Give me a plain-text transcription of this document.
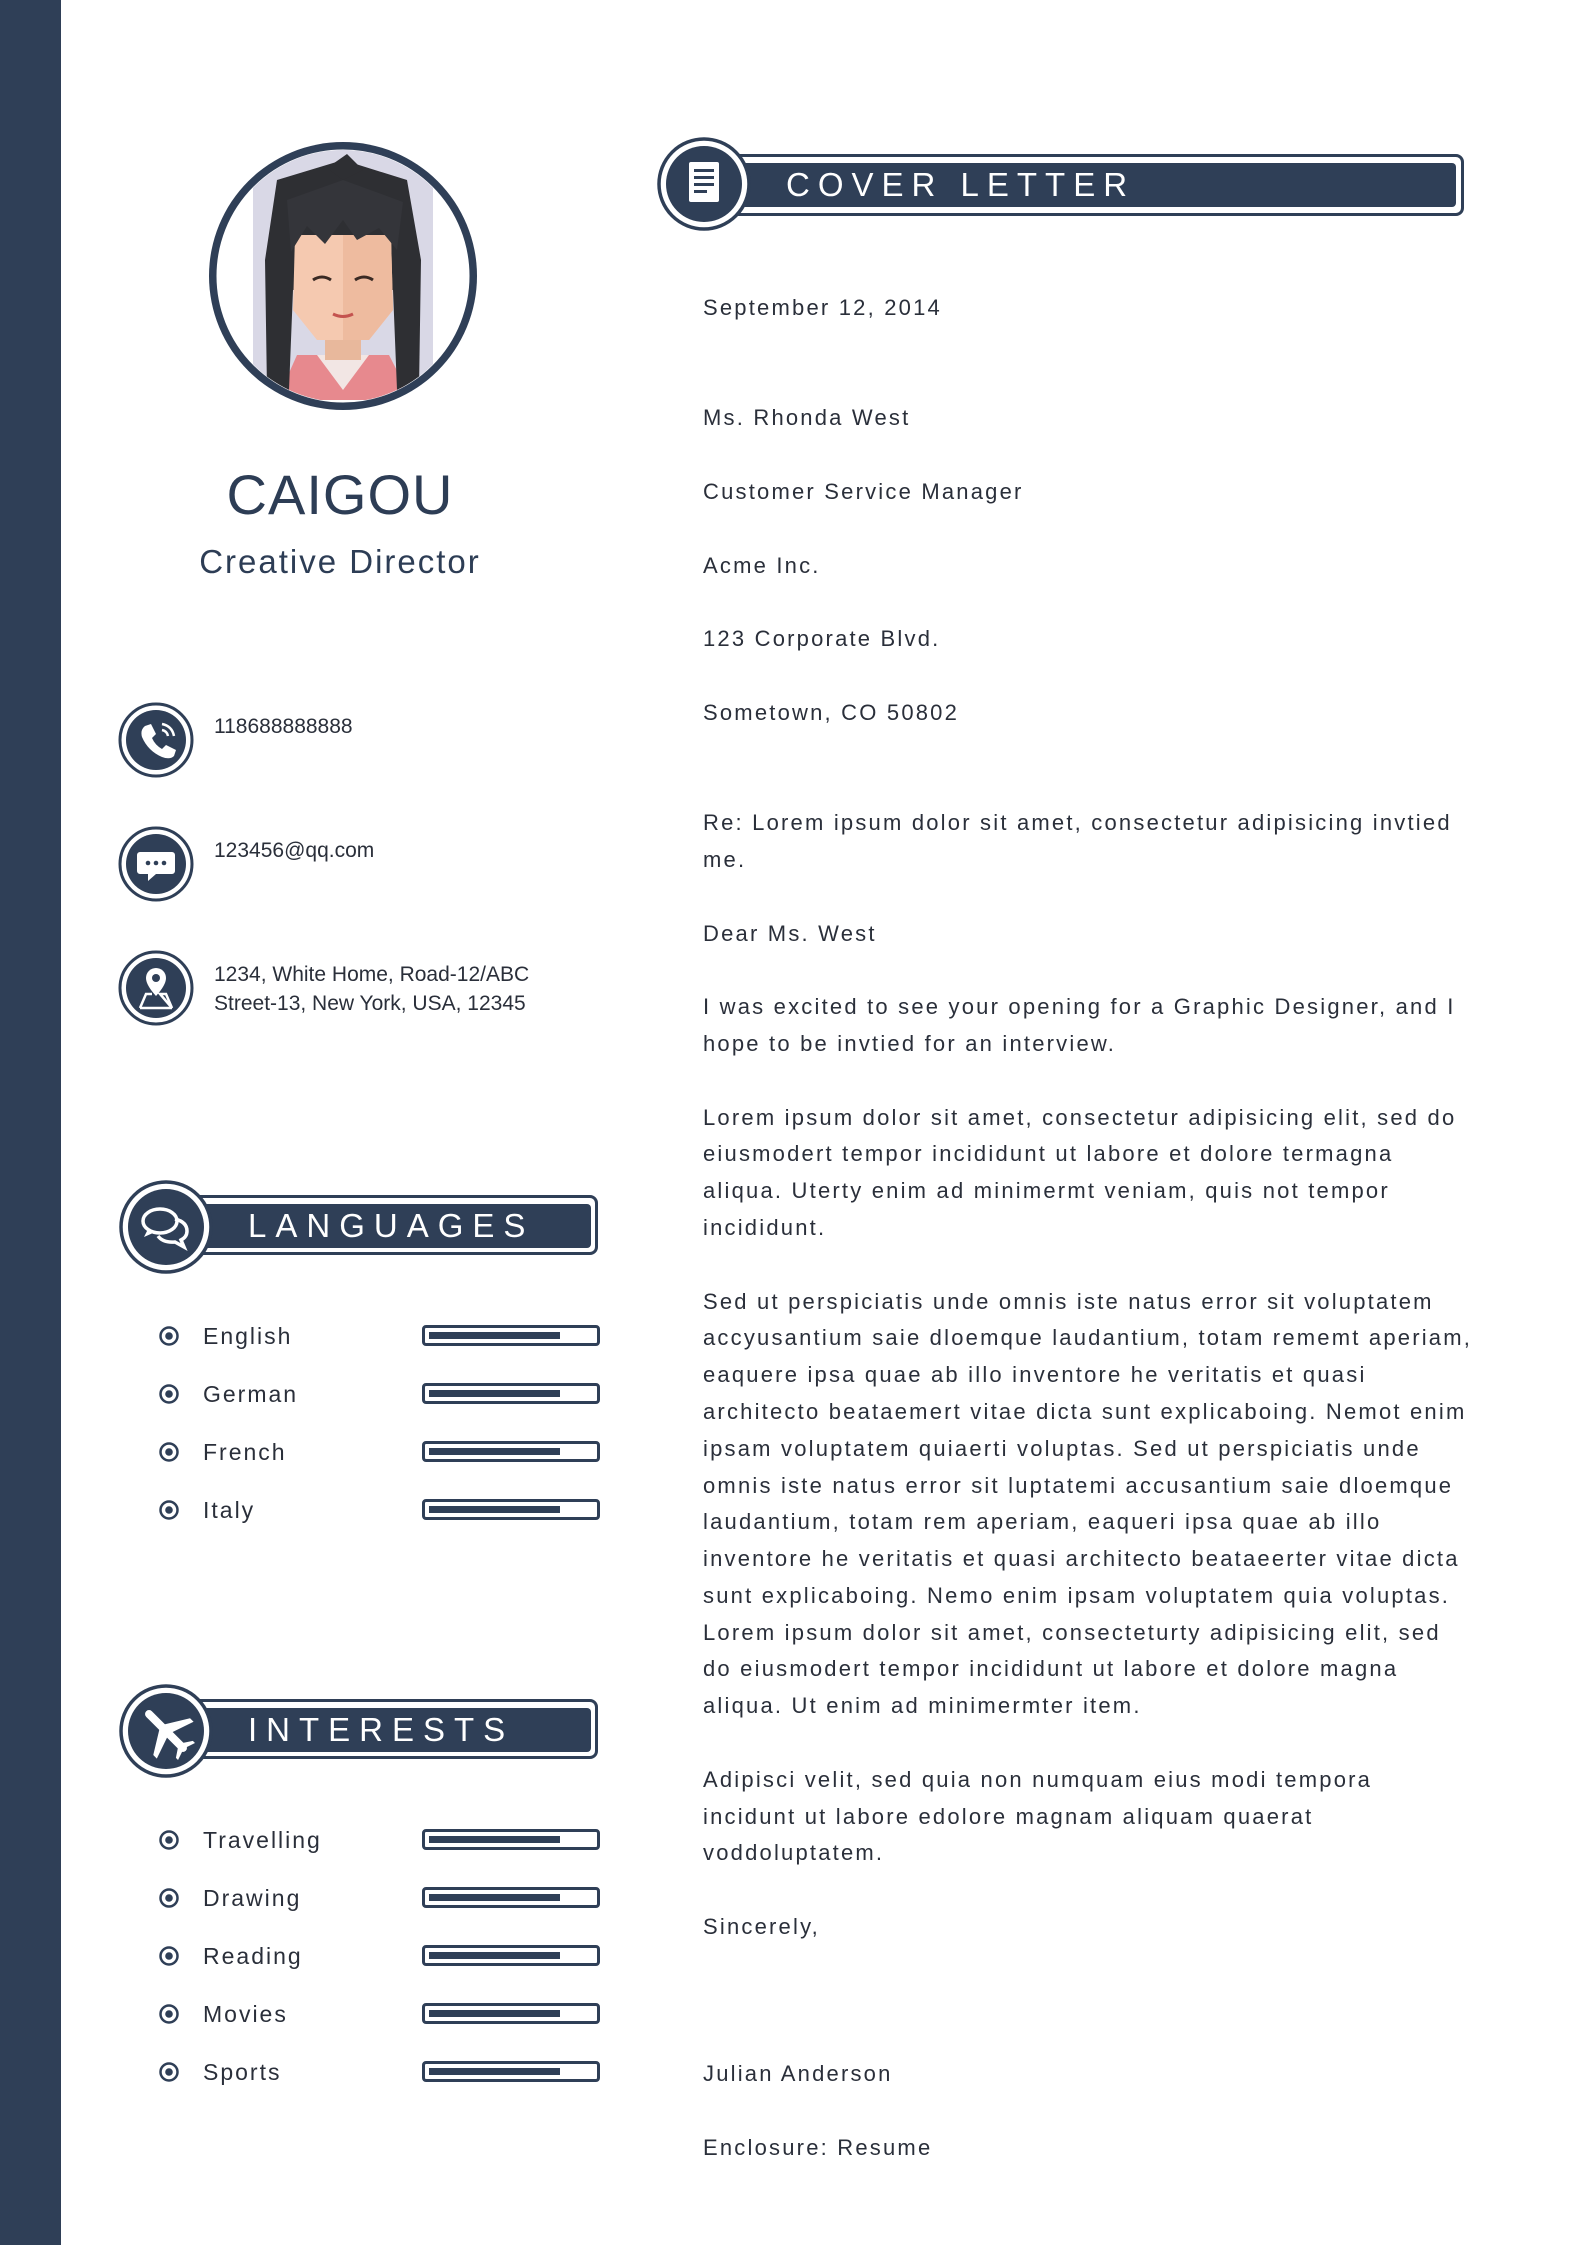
CAIGOU
Creative Director
118688888888
123456@qq.com
1234, White Home, Road-12/ABC
Street-13, New York, USA, 12345
LANGUAGES
English
German
French
Italy
INTERESTS
Travelling
Drawing
Reading
Movies
Sports
COVER LETTER

September 12, 2014

Ms. Rhonda West

Customer Service Manager

Acme Inc.

123 Corporate Blvd.

Sometown, CO 50802

Re: Lorem ipsum dolor sit amet, consectetur adipisicing invtied me.

Dear Ms. West

I was excited to see your opening for a Graphic Designer, and I hope to be invtied for an interview.

Lorem ipsum dolor sit amet, consectetur adipisicing elit, sed do eiusmodert tempor incididunt ut labore et dolore termagna aliqua. Uterty enim ad minimermt veniam, quis not tempor incididunt.

Sed ut perspiciatis unde omnis iste natus error sit voluptatem accyusantium saie dloemque laudantium, totam rememt aperiam, eaquere ipsa quae ab illo inventore he veritatis et quasi architecto beataemert vitae dicta sunt explicaboing. Nemot enim ipsam voluptatem quiaerti voluptas. Sed ut perspiciatis unde omnis iste natus error sit luptatemi accusantium saie dloemque laudantium, totam rem aperiam, eaqueri ipsa quae ab illo inventore he veritatis et quasi architecto beataeerter vitae dicta sunt explicaboing. Nemo enim ipsam voluptatem quia voluptas. Lorem ipsum dolor sit amet, consecteturty adipisicing elit, sed do eiusmodert tempor incididunt ut labore et dolore magna aliqua. Ut enim ad minimermter item.

Adipisci velit, sed quia non numquam eius modi tempora incidunt ut labore edolore magnam aliquam quaerat voddoluptatem.

Sincerely,

Julian Anderson

Enclosure: Resume
